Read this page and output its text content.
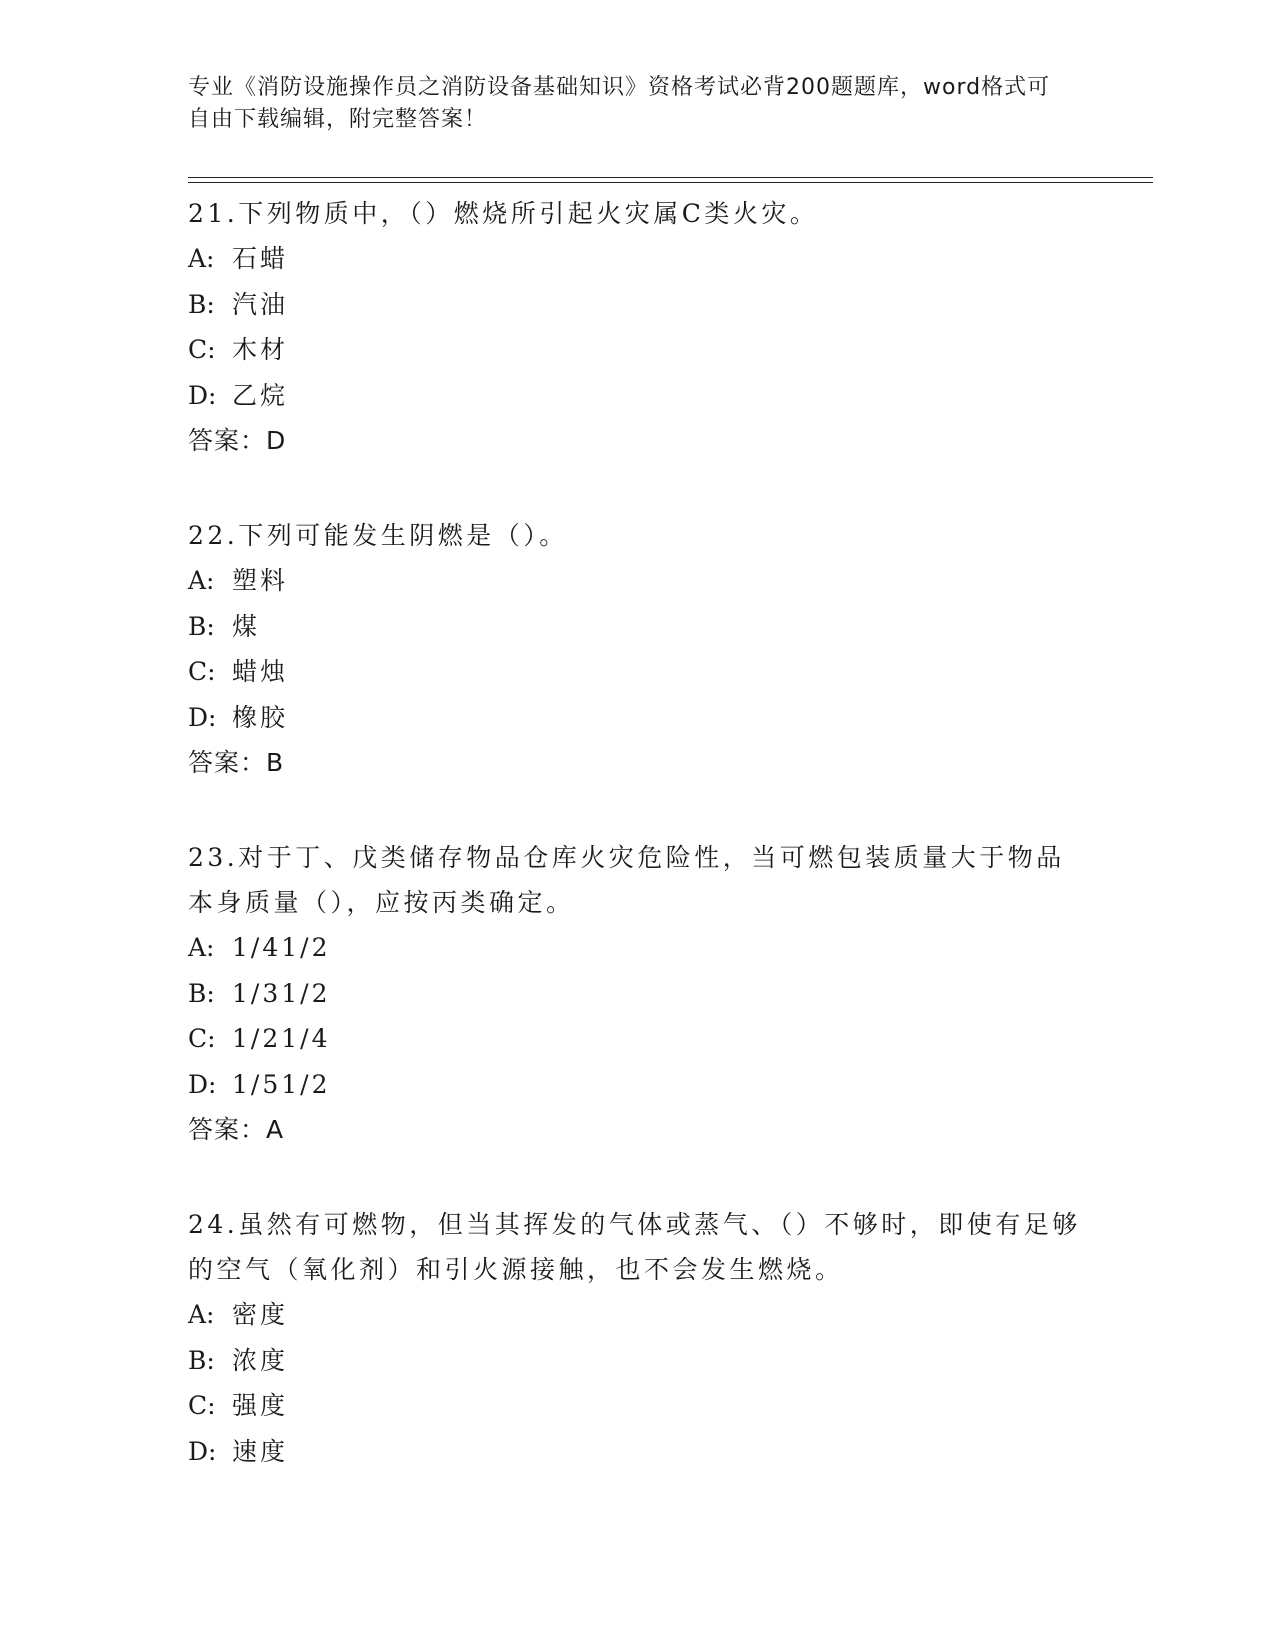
专业《消防设施操作员之消防设备基础知识》资格考试必背200题题库，word格式可自由下载编辑，附完整答案！
21.下列物质中，（）燃烧所引起火灾属C类火灾。
A: 石蜡
B: 汽油
C: 木材
D: 乙烷
答案：D
22.下列可能发生阴燃是（）。
A: 塑料
B: 煤
C: 蜡烛
D: 橡胶
答案：B
23.对于丁、戊类储存物品仓库火灾危险性，当可燃包装质量大于物品本身质量（），应按丙类确定。
A: 1/41/2
B: 1/31/2
C: 1/21/4
D: 1/51/2
答案：A
24.虽然有可燃物，但当其挥发的气体或蒸气、（）不够时，即使有足够的空气（氧化剂）和引火源接触，也不会发生燃烧。
A: 密度
B: 浓度
C: 强度
D: 速度
